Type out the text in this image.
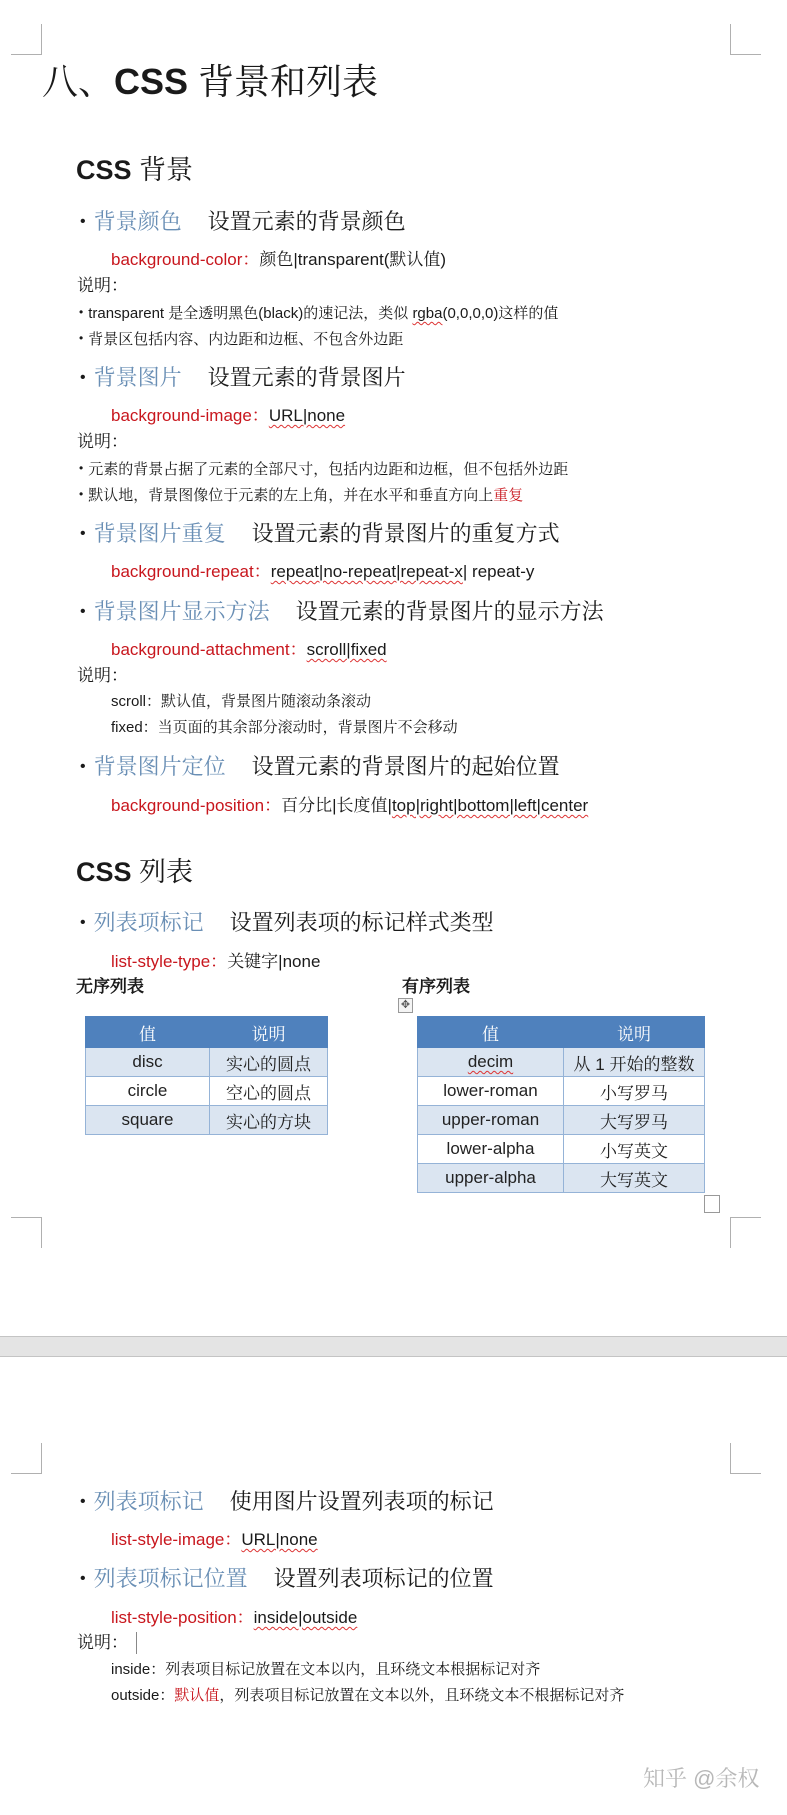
八、CSS 背景和列表
CSS 背景
• 背景颜色 设置元素的背景颜色
background-color：颜色|transparent(默认值)
说明：
• transparent 是全透明黑色(black)的速记法，类似 rgba(0,0,0,0)这样的值
• 背景区包括内容、内边距和边框、不包含外边距
• 背景图片 设置元素的背景图片
background-image：URL|none
说明：
• 元素的背景占据了元素的全部尺寸，包括内边距和边框，但不包括外边距
• 默认地，背景图像位于元素的左上角，并在水平和垂直方向上重复
• 背景图片重复 设置元素的背景图片的重复方式
background-repeat：repeat|no-repeat|repeat-x| repeat-y
• 背景图片显示方法 设置元素的背景图片的显示方法
background-attachment：scroll|fixed
说明：
scroll：默认值，背景图片随滚动条滚动
fixed：当页面的其余部分滚动时，背景图片不会移动
• 背景图片定位 设置元素的背景图片的起始位置
background-position：百分比|长度值|top|right|bottom|left|center
CSS 列表
• 列表项标记 设置列表项的标记样式类型
list-style-type：关键字|none
无序列表	有序列表
✥
值	说明
disc	实心的圆点
circle	空心的圆点
square	实心的方块
值	说明
decim	从 1 开始的整数
lower-roman	小写罗马
upper-roman	大写罗马
lower-alpha	小写英文
upper-alpha	大写英文
• 列表项标记 使用图片设置列表项的标记
list-style-image：URL|none
• 列表项标记位置 设置列表项标记的位置
list-style-position：inside|outside
说明：
inside：列表项目标记放置在文本以内，且环绕文本根据标记对齐
outside：默认值，列表项目标记放置在文本以外，且环绕文本不根据标记对齐
知乎 @余权
